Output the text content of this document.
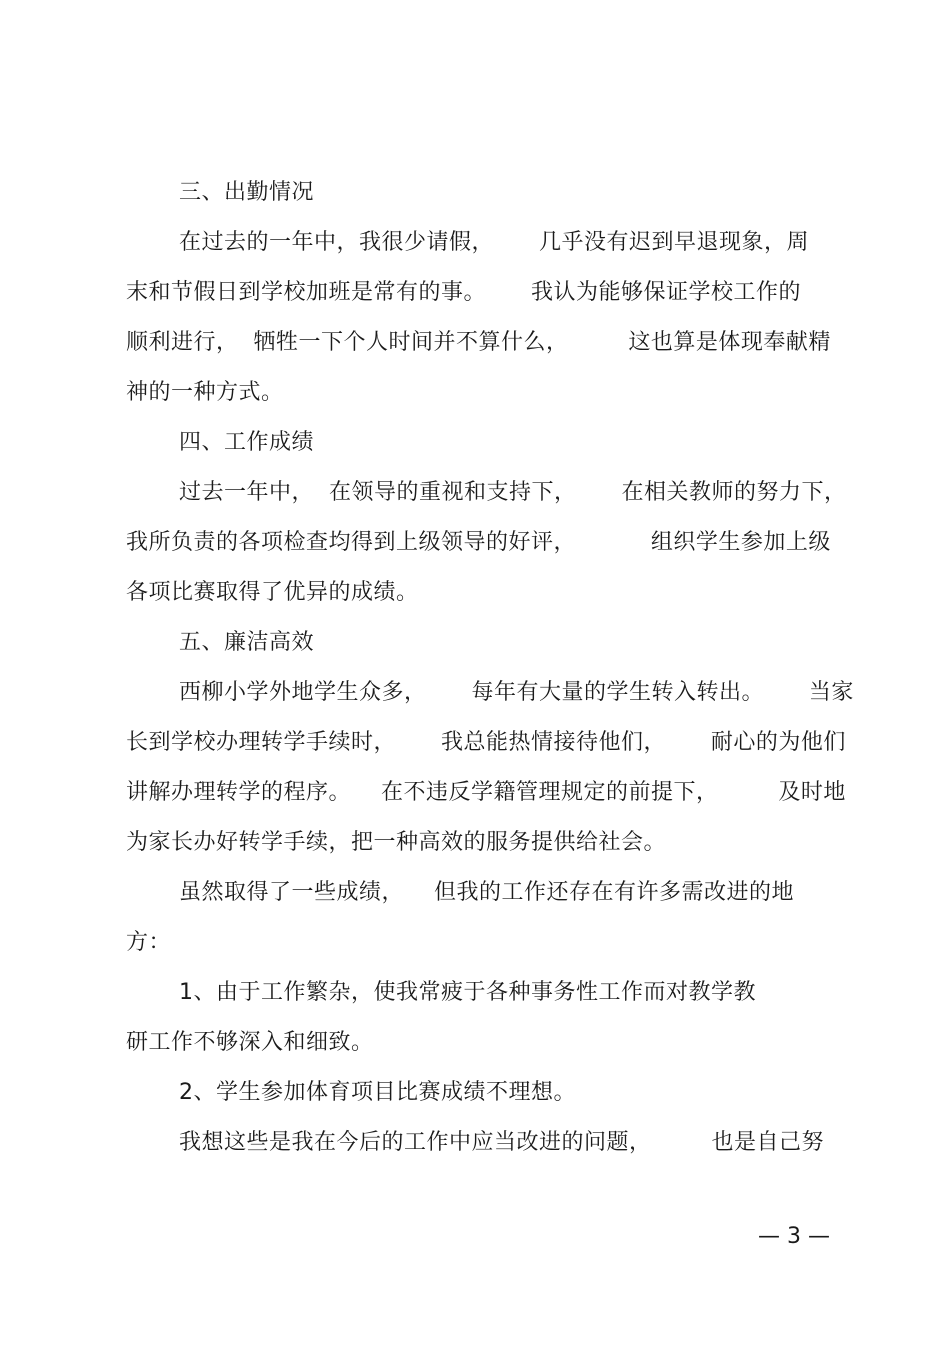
三、出勤情况
在过去的一年中，我很少请假，      几乎没有迟到早退现象，周
末和节假日到学校加班是常有的事。      我认为能够保证学校工作的
顺利进行，  牺牲一下个人时间并不算什么，        这也算是体现奉献精
神的一种方式。
四、工作成绩
过去一年中，  在领导的重视和支持下，      在相关教师的努力下，
我所负责的各项检查均得到上级领导的好评，          组织学生参加上级
各项比赛取得了优异的成绩。
五、廉洁高效
西柳小学外地学生众多，      每年有大量的学生转入转出。      当家
长到学校办理转学手续时，      我总能热情接待他们，      耐心的为他们
讲解办理转学的程序。    在不违反学籍管理规定的前提下，        及时地
为家长办好转学手续，把一种高效的服务提供给社会。
虽然取得了一些成绩，    但我的工作还存在有许多需改进的地
方：
1、由于工作繁杂，使我常疲于各种事务性工作而对教学教
研工作不够深入和细致。
2、学生参加体育项目比赛成绩不理想。
我想这些是我在今后的工作中应当改进的问题，        也是自己努
— 3 —
